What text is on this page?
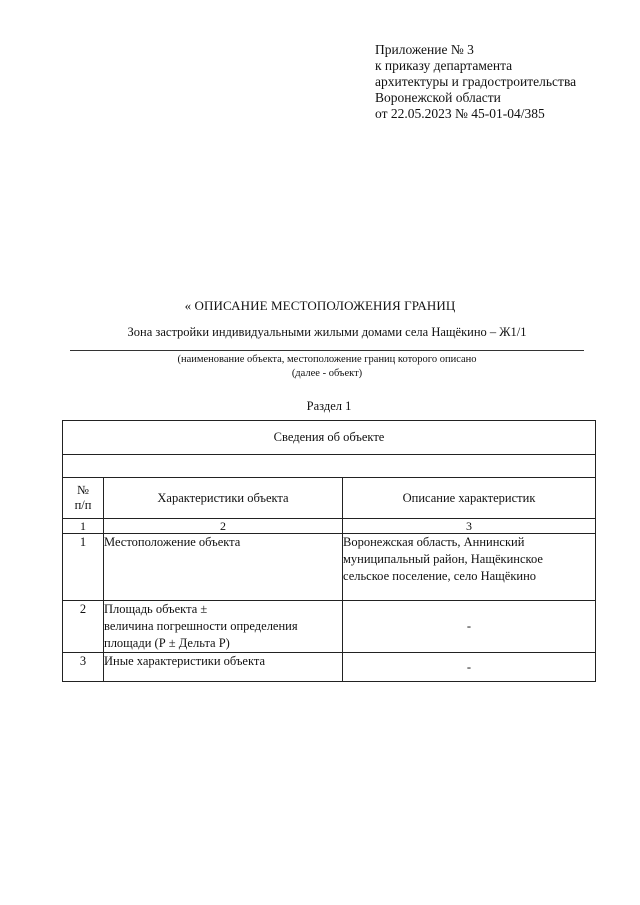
Приложение № 3
к приказу департамента
архитектуры и градостроительства
Воронежской области
от 22.05.2023 № 45-01-04/385
« ОПИСАНИЕ МЕСТОПОЛОЖЕНИЯ ГРАНИЦ
Зона застройки индивидуальными жилыми домами села Нащёкино – Ж1/1
(наименование объекта, местоположение границ которого описано
(далее - объект)
Раздел 1
Сведения об объекте		

№
п/п	Характеристики объекта	Описание характеристик
1	2	3
1	Местоположение объекта	Воронежская область, Аннинский
муниципальный район, Нащёкинское
сельское поселение, село Нащёкино

2	Площадь объекта ±
величина погрешности определения
площади (Р ± Дельта Р)	-
3	Иные характеристики объекта	-
